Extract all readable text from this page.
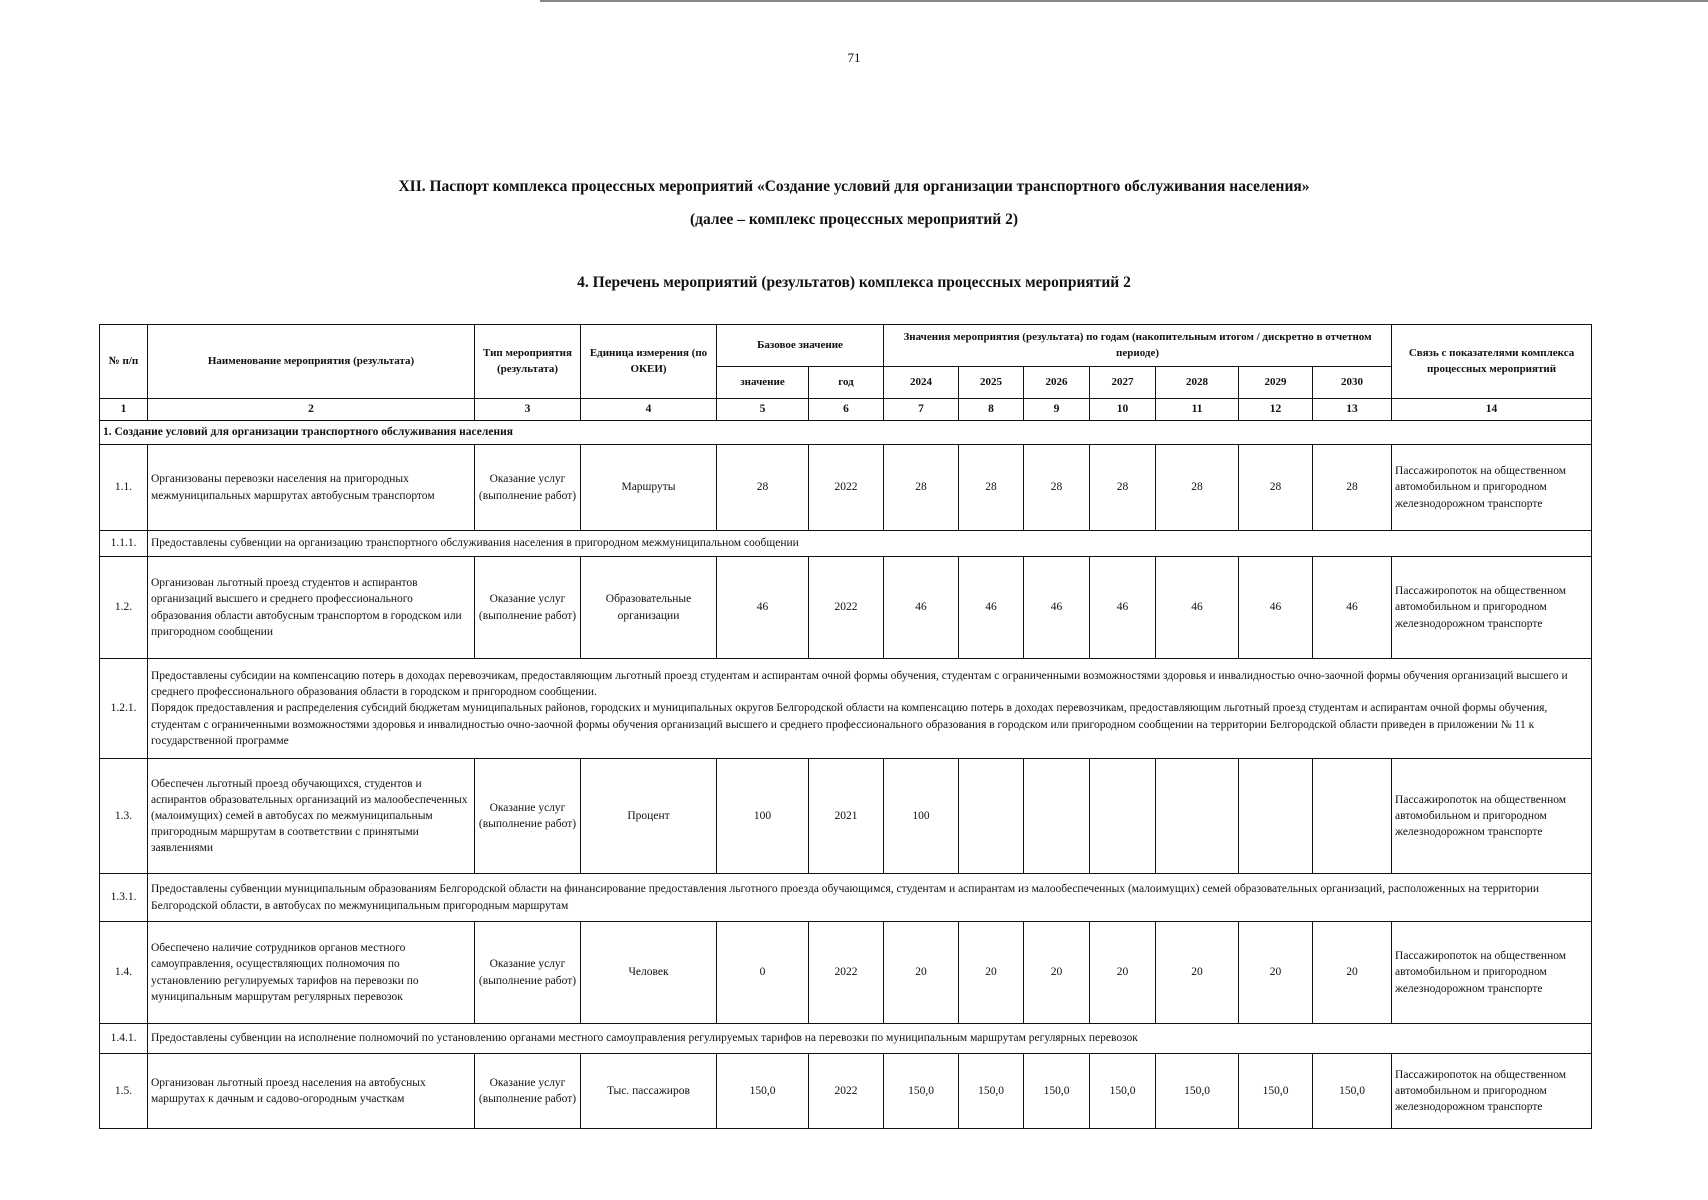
71
XII. Паспорт комплекса процессных мероприятий «Создание условий для организации транспортного обслуживания населения»
(далее – комплекс процессных мероприятий 2)
4. Перечень мероприятий (результатов) комплекса процессных мероприятий 2
№ п/п	Наименование мероприятия (результата)	Тип мероприятия (результата)	Единица измерения (по ОКЕИ)	Базовое значение		Значения мероприятия (результата) по годам (накопительным итогом / дискретно в отчетном периоде)							Связь с показателями комплекса процессных мероприятий
				значение	год	2024	2025	2026	2027	2028	2029	2030	
1	2	3	4	5	6	7	8	9	10	11	12	13	14
1. Создание условий для организации транспортного обслуживания населения													
1.1.	Организованы перевозки населения на пригородных межмуниципальных маршрутах автобусным транспортом	Оказание услуг (выполнение работ)	Маршруты	28	2022	28	28	28	28	28	28	28	Пассажиропоток на общественном автомобильном и пригородном железнодорожном транспорте
1.1.1.	Предоставлены субвенции на организацию транспортного обслуживания населения в пригородном межмуниципальном сообщении												
1.2.	Организован льготный проезд студентов и аспирантов организаций высшего и среднего профессионального образования области автобусным транспортом в городском или пригородном сообщении	Оказание услуг (выполнение работ)	Образовательные организации	46	2022	46	46	46	46	46	46	46	Пассажиропоток на общественном автомобильном и пригородном железнодорожном транспорте
1.2.1.	Предоставлены субсидии на компенсацию потерь в доходах перевозчикам, предоставляющим льготный проезд студентам и аспирантам очной формы обучения, студентам с ограниченными возможностями здоровья и инвалидностью очно-заочной формы обучения организаций высшего и среднего профессионального образования области в городском и пригородном сообщении.
Порядок предоставления и распределения субсидий бюджетам муниципальных районов, городских и муниципальных округов Белгородской области на компенсацию потерь в доходах перевозчикам, предоставляющим льготный проезд студентам и аспирантам очной формы обучения, студентам с ограниченными возможностями здоровья и инвалидностью очно-заочной формы обучения организаций высшего и среднего профессионального образования в городском или пригородном сообщении на территории Белгородской области приведен в приложении № 11 к государственной программе												

1.3.	Обеспечен льготный проезд обучающихся, студентов и аспирантов образовательных организаций из малообеспеченных (малоимущих) семей в автобусах по межмуниципальным пригородным маршрутам в соответствии с принятыми заявлениями	Оказание услуг (выполнение работ)	Процент	100	2021	100							Пассажиропоток на общественном автомобильном и пригородном железнодорожном транспорте
1.3.1.	Предоставлены субвенции муниципальным образованиям Белгородской области на финансирование предоставления льготного проезда обучающимся, студентам и аспирантам из малообеспеченных (малоимущих) семей образовательных организаций, расположенных на территории Белгородской области, в автобусах по межмуниципальным пригородным маршрутам												
1.4.	Обеспечено наличие сотрудников органов местного самоуправления, осуществляющих полномочия по установлению регулируемых тарифов на перевозки по муниципальным маршрутам регулярных перевозок	Оказание услуг (выполнение работ)	Человек	0	2022	20	20	20	20	20	20	20	Пассажиропоток на общественном автомобильном и пригородном железнодорожном транспорте
1.4.1.	Предоставлены субвенции на исполнение полномочий по установлению органами местного самоуправления регулируемых тарифов на перевозки по муниципальным маршрутам регулярных перевозок												
1.5.	Организован льготный проезд населения на автобусных маршрутах к дачным и садово-огородным участкам	Оказание услуг (выполнение работ)	Тыс. пассажиров	150,0	2022	150,0	150,0	150,0	150,0	150,0	150,0	150,0	Пассажиропоток на общественном автомобильном и пригородном железнодорожном транспорте
